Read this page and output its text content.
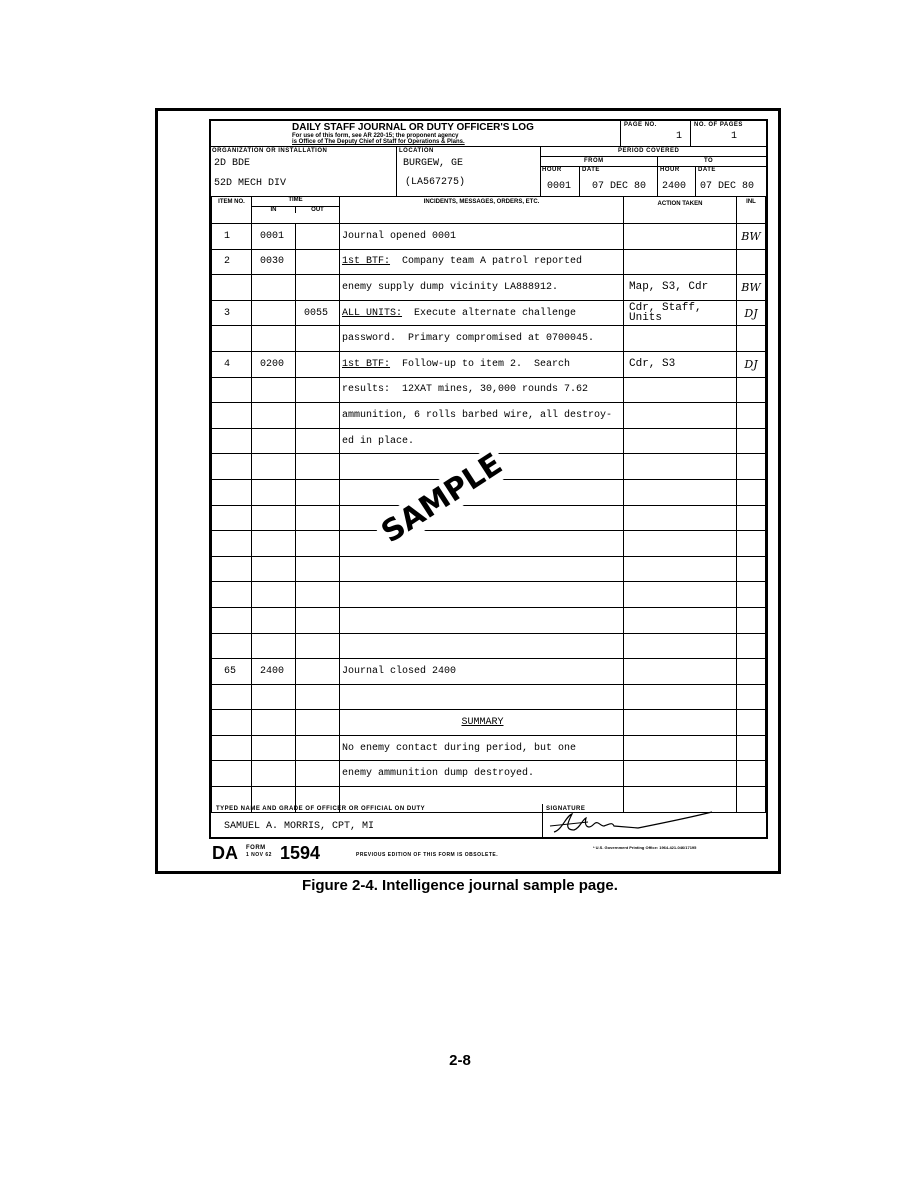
DAILY STAFF JOURNAL OR DUTY OFFICER'S LOG
For use of this form, see AR 220-15; the proponent agency
is Office of The Deputy Chief of Staff for Operations & Plans.
PAGE NO.
1
NO. OF PAGES
1
ORGANIZATION OR INSTALLATION
2D BDE
52D MECH DIV
LOCATION
BURGEW, GE
(LA567275)
PERIOD COVERED
FROM	TO
HOUR	DATE	HOUR	DATE
0001 07 DEC 80 2400 07 DEC 80
ITEM NO.	TIME
IN OUT		INCIDENTS, MESSAGES, ORDERS, ETC.	ACTION TAKEN	INL
1	0001		Journal opened 0001		BW
2	0030		1st BTF:  Company team A patrol reported		
			enemy supply dump vicinity LA888912.	Map, S3, Cdr	BW
3		0055	ALL UNITS:  Execute alternate challenge	Cdr, Staff, Units	DJ
			password.  Primary compromised at 0700045.		
4	0200		1st BTF:  Follow-up to item 2.  Search	Cdr, S3	DJ
			results:  12XAT mines, 30,000 rounds 7.62		
			ammunition, 6 rolls barbed wire, all destroy-		
			ed in place.		

65	2400		Journal closed 2400		

			SUMMARY		

			No enemy contact during period, but one		
			enemy ammunition dump destroyed.		

SAMPLE
TYPED NAME AND GRADE OF OFFICER OR OFFICIAL ON DUTY	SIGNATURE
SAMUEL A. MORRIS, CPT, MI
DA FORM
1 NOV 62 1594	PREVIOUS EDITION OF THIS FORM IS OBSOLETE.
* U.S. Government Printing Office: 1964-421-046/17195
Figure 2-4. Intelligence journal sample page.
2-8
